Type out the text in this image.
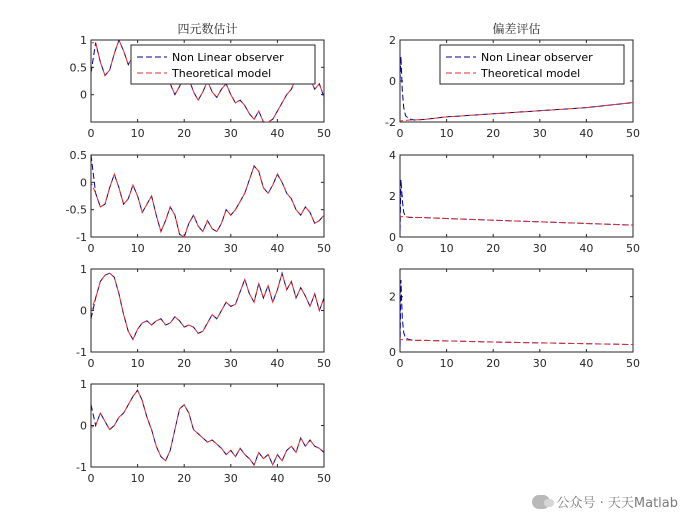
0	10	20	30	40	50
1
0.5
0
四元数估计
Non Linear observer
Theoretical model
0	10	20	30	40	50
0.5
0
-0.5
-1
0	10	20	30	40	50
1
0
-1
0	10	20	30	40	50
1
0
-1
0	10	20	30	40	50
2
0
-2
偏差评估
Non Linear observer
Theoretical model
0	10	20	30	40	50
4
2
0
0	10	20	30	40	50
2
0
公众号 · 天天Matlab
